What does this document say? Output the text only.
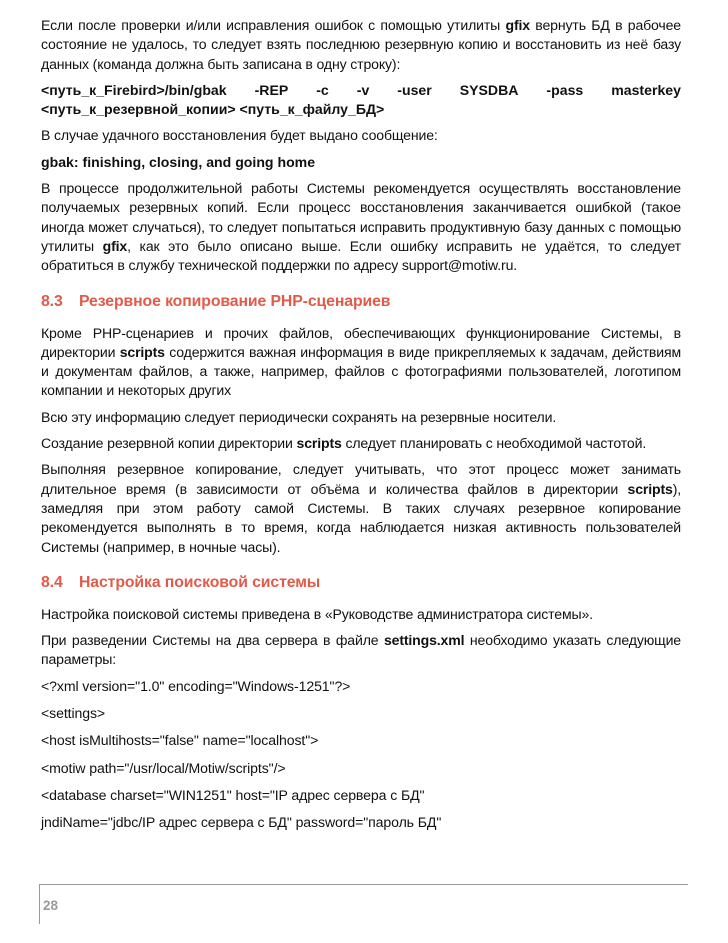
Если после проверки и/или исправления ошибок с помощью утилиты gfix вернуть БД в рабочее состояние не удалось, то следует взять последнюю резервную копию и восстановить из неё базу данных (команда должна быть записана в одну строку):

<путь_к_Firebird>/bin/gbak -REP -c -v -user SYSDBA -pass masterkey
<путь_к_резервной_копии> <путь_к_файлу_БД>

В случае удачного восстановления будет выдано сообщение:

gbak: finishing, closing, and going home

В процессе продолжительной работы Системы рекомендуется осуществлять восстановление получаемых резервных копий. Если процесс восстановления заканчивается ошибкой (такое иногда может случаться), то следует попытаться исправить продуктивную базу данных с помощью утилиты gfix, как это было описано выше. Если ошибку исправить не удаётся, то следует обратиться в службу технической поддержки по адресу support@motiw.ru.

8.3 Резервное копирование PHP-сценариев

Кроме PHP-сценариев и прочих файлов, обеспечивающих функционирование Системы, в директории scripts содержится важная информация в виде прикрепляемых к задачам, действиям и документам файлов, а также, например, файлов с фотографиями пользователей, логотипом компании и некоторых других

Всю эту информацию следует периодически сохранять на резервные носители.

Создание резервной копии директории scripts следует планировать с необходимой частотой.

Выполняя резервное копирование, следует учитывать, что этот процесс может занимать длительное время (в зависимости от объёма и количества файлов в директории scripts), замедляя при этом работу самой Системы. В таких случаях резервное копирование рекомендуется выполнять в то время, когда наблюдается низкая активность пользователей Системы (например, в ночные часы).

8.4 Настройка поисковой системы

Настройка поисковой системы приведена в «Руководстве администратора системы».

При разведении Системы на два сервера в файле settings.xml необходимо указать следующие параметры:

<?xml version="1.0" encoding="Windows-1251"?>

<settings>

<host isMultihosts="false" name="localhost">

<motiw path="/usr/local/Motiw/scripts"/>

<database charset="WIN1251" host="IP адрес сервера с БД"

jndiName="jdbc/IP адрес сервера с БД" password="пароль БД"

28
